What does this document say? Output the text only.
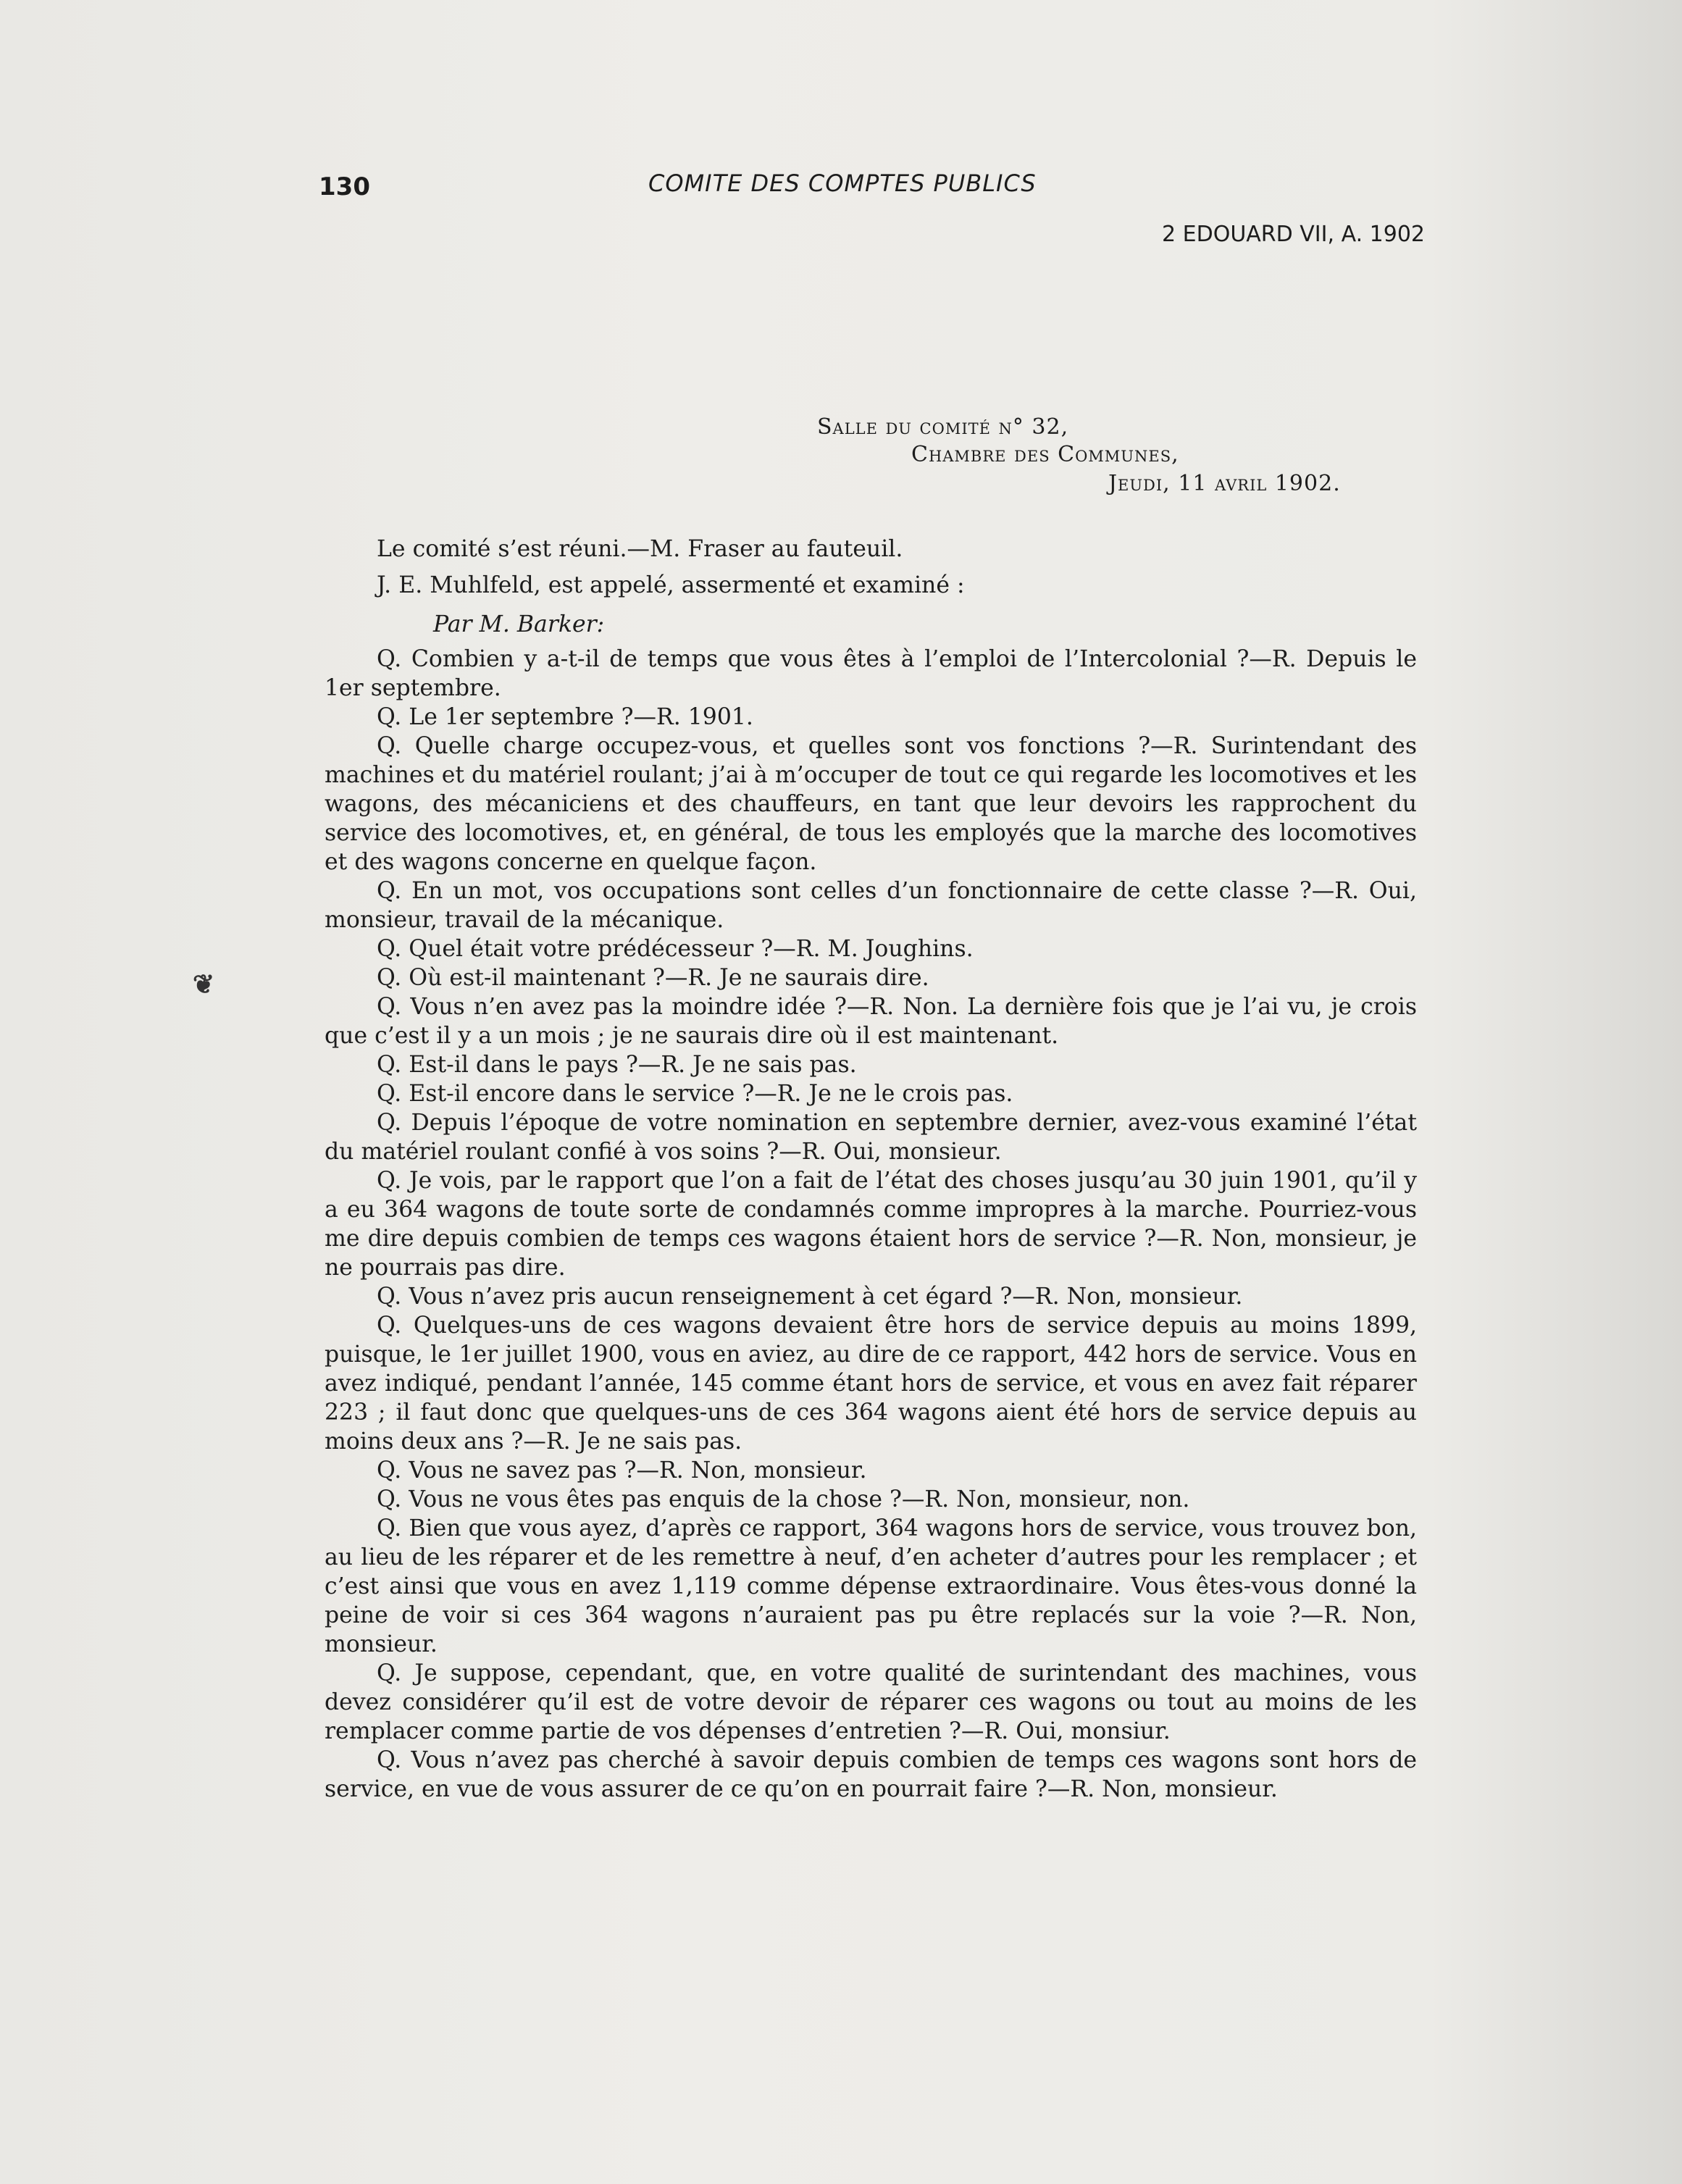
130	COMITE DES COMPTES PUBLICS
2 EDOUARD VII, A. 1902
Salle du comité n° 32,
Chambre des Communes,
Jeudi, 11 avril 1902.
❦

Le comité s’est réuni.—M. Fraser au fauteuil.

J. E. Muhlfeld, est appelé, assermenté et examiné :

Par M. Barker:

Q. Combien y a-t-il de temps que vous êtes à l’emploi de l’Intercolonial ?—R. Depuis le 1er septembre.

Q. Le 1er septembre ?—R. 1901.

Q. Quelle charge occupez-vous, et quelles sont vos fonctions ?—R. Surintendant des machines et du matériel roulant; j’ai à m’occuper de tout ce qui regarde les locomotives et les wagons, des mécaniciens et des chauffeurs, en tant que leur devoirs les rapprochent du service des locomotives, et, en général, de tous les employés que la marche des locomotives et des wagons concerne en quelque façon.

Q. En un mot, vos occupations sont celles d’un fonctionnaire de cette classe ?—R. Oui, monsieur, travail de la mécanique.

Q. Quel était votre prédécesseur ?—R. M. Joughins.

Q. Où est-il maintenant ?—R. Je ne saurais dire.

Q. Vous n’en avez pas la moindre idée ?—R. Non. La dernière fois que je l’ai vu, je crois que c’est il y a un mois ; je ne saurais dire où il est maintenant.

Q. Est-il dans le pays ?—R. Je ne sais pas.

Q. Est-il encore dans le service ?—R. Je ne le crois pas.

Q. Depuis l’époque de votre nomination en septembre dernier, avez-vous examiné l’état du matériel roulant confié à vos soins ?—R. Oui, monsieur.

Q. Je vois, par le rapport que l’on a fait de l’état des choses jusqu’au 30 juin 1901, qu’il y a eu 364 wagons de toute sorte de condamnés comme impropres à la marche. Pourriez-vous me dire depuis combien de temps ces wagons étaient hors de service ?—R. Non, monsieur, je ne pourrais pas dire.

Q. Vous n’avez pris aucun renseignement à cet égard ?—R. Non, monsieur.

Q. Quelques-uns de ces wagons devaient être hors de service depuis au moins 1899, puisque, le 1er juillet 1900, vous en aviez, au dire de ce rapport, 442 hors de service. Vous en avez indiqué, pendant l’année, 145 comme étant hors de service, et vous en avez fait réparer 223 ; il faut donc que quelques-uns de ces 364 wagons aient été hors de service depuis au moins deux ans ?—R. Je ne sais pas.

Q. Vous ne savez pas ?—R. Non, monsieur.

Q. Vous ne vous êtes pas enquis de la chose ?—R. Non, monsieur, non.

Q. Bien que vous ayez, d’après ce rapport, 364 wagons hors de service, vous trouvez bon, au lieu de les réparer et de les remettre à neuf, d’en acheter d’autres pour les remplacer ; et c’est ainsi que vous en avez 1,119 comme dépense extraordinaire. Vous êtes-vous donné la peine de voir si ces 364 wagons n’auraient pas pu être replacés sur la voie ?—R. Non, monsieur.

Q. Je suppose, cependant, que, en votre qualité de surintendant des machines, vous devez considérer qu’il est de votre devoir de réparer ces wagons ou tout au moins de les remplacer comme partie de vos dépenses d’entretien ?—R. Oui, monsiur.

Q. Vous n’avez pas cherché à savoir depuis combien de temps ces wagons sont hors de service, en vue de vous assurer de ce qu’on en pourrait faire ?—R. Non, monsieur.
